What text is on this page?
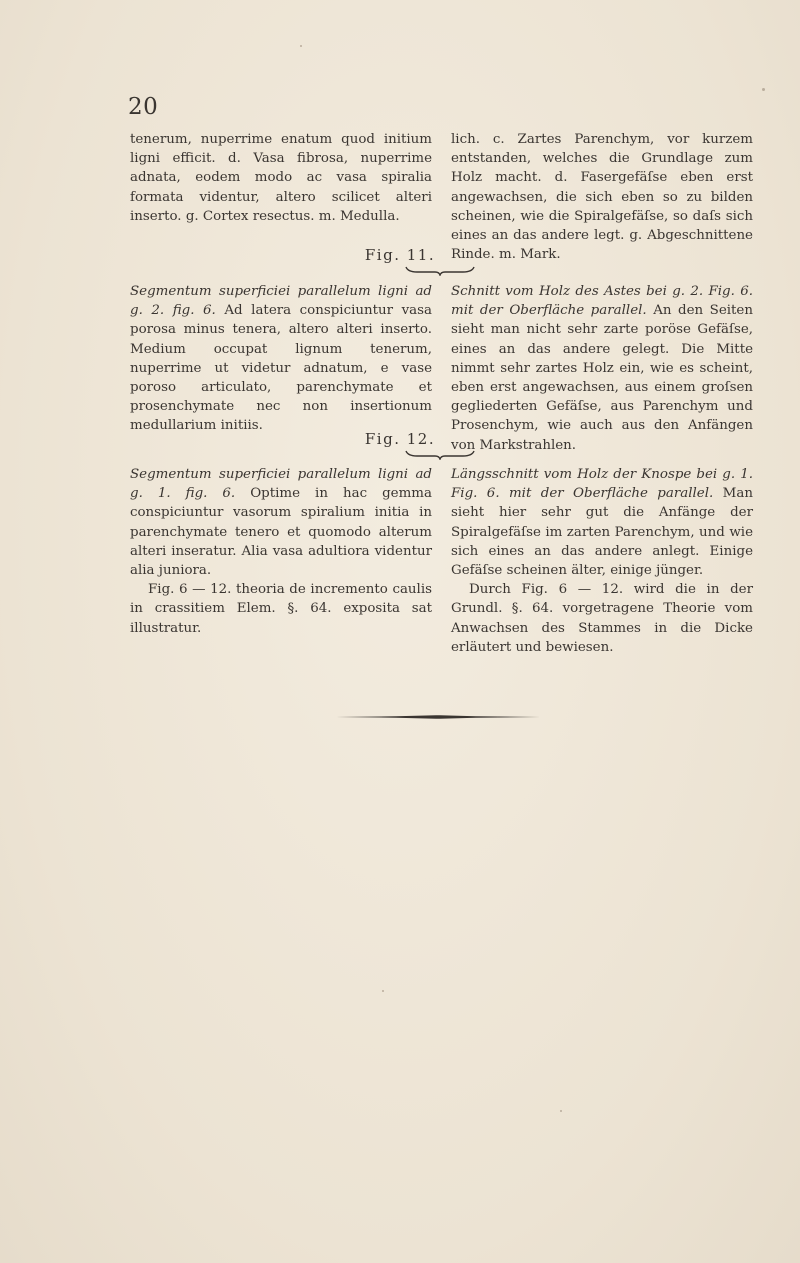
20

tenerum, nuperrime enatum quod initium ligni efficit. d. Vasa fibrosa, nuperrime adnata, eodem modo ac vasa spiralia formata videntur, altero scilicet alteri inserto. g. Cortex resectus. m. Medulla.

lich. c. Zartes Parenchym, vor kurzem entstanden, welches die Grundlage zum Holz macht. d. Fasergefäſse eben erst angewachsen, die sich eben so zu bilden scheinen, wie die Spiralgefäſse, so daſs sich eines an das andere legt. g. Abgeschnittene Rinde. m. Mark.

Fig. 11.

Segmentum superficiei parallelum ligni ad g. 2. fig. 6. Ad latera conspiciuntur vasa porosa minus tenera, altero alteri inserto. Medium occupat lignum tenerum, nuperrime ut videtur adnatum, e vase poroso articulato, parenchymate et prosenchymate nec non insertionum medullarium initiis.

Schnitt vom Holz des Astes bei g. 2. Fig. 6. mit der Oberfläche parallel. An den Seiten sieht man nicht sehr zarte poröse Gefäſse, eines an das andere gelegt. Die Mitte nimmt sehr zartes Holz ein, wie es scheint, eben erst angewachsen, aus einem groſsen gegliederten Gefäſse, aus Parenchym und Prosenchym, wie auch aus den Anfängen von Markstrahlen.

Fig. 12.

Segmentum superficiei parallelum ligni ad g. 1. fig. 6. Optime in hac gemma conspiciuntur vasorum spiralium initia in parenchymate tenero et quomodo alterum alteri inseratur. Alia vasa adultiora videntur alia juniora.

Fig. 6 — 12. theoria de incremento caulis in crassitiem Elem. §. 64. exposita sat illustratur.

Längsschnitt vom Holz der Knospe bei g. 1. Fig. 6. mit der Oberfläche parallel. Man sieht hier sehr gut die Anfänge der Spiralgefäſse im zarten Parenchym, und wie sich eines an das andere anlegt. Einige Gefäſse scheinen älter, einige jünger.

Durch Fig. 6 — 12. wird die in der Grundl. §. 64. vorgetragene Theorie vom Anwachsen des Stammes in die Dicke erläutert und bewiesen.
